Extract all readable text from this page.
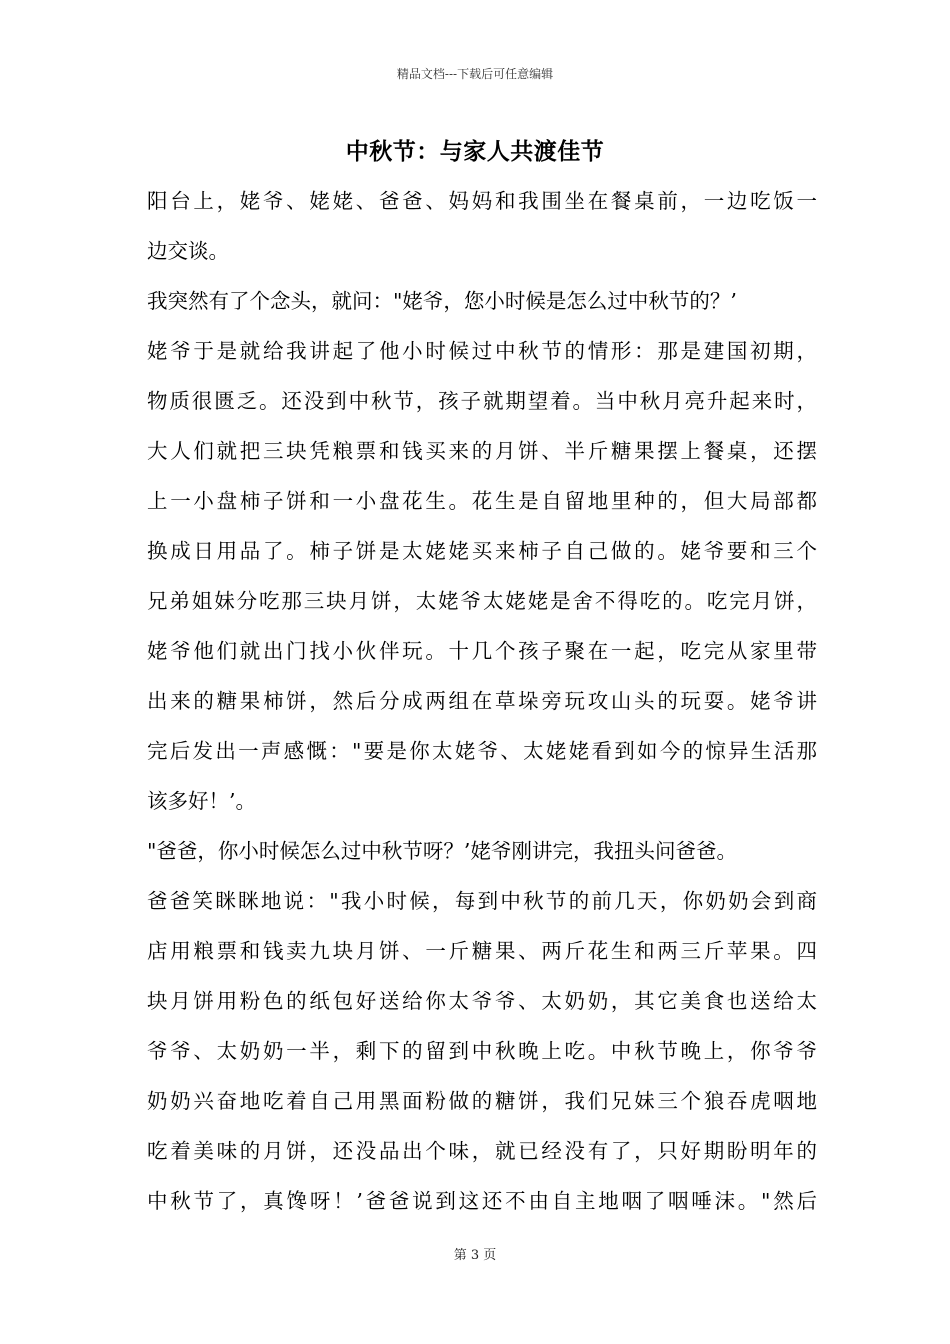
精品文档---下载后可任意编辑
中秋节：与家人共渡佳节
阳台上，姥爷、姥姥、爸爸、妈妈和我围坐在餐桌前，一边吃饭一
边交谈。
我突然有了个念头，就问："姥爷，您小时候是怎么过中秋节的？’
姥爷于是就给我讲起了他小时候过中秋节的情形：那是建国初期，
物质很匮乏。还没到中秋节，孩子就期望着。当中秋月亮升起来时，
大人们就把三块凭粮票和钱买来的月饼、半斤糖果摆上餐桌，还摆
上一小盘柿子饼和一小盘花生。花生是自留地里种的，但大局部都
换成日用品了。柿子饼是太姥姥买来柿子自己做的。姥爷要和三个
兄弟姐妹分吃那三块月饼，太姥爷太姥姥是舍不得吃的。吃完月饼，
姥爷他们就出门找小伙伴玩。十几个孩子聚在一起，吃完从家里带
出来的糖果柿饼，然后分成两组在草垛旁玩攻山头的玩耍。姥爷讲
完后发出一声感慨："要是你太姥爷、太姥姥看到如今的惊异生活那
该多好！’。
"爸爸，你小时候怎么过中秋节呀？’姥爷刚讲完，我扭头问爸爸。
爸爸笑眯眯地说："我小时候，每到中秋节的前几天，你奶奶会到商
店用粮票和钱卖九块月饼、一斤糖果、两斤花生和两三斤苹果。四
块月饼用粉色的纸包好送给你太爷爷、太奶奶，其它美食也送给太
爷爷、太奶奶一半，剩下的留到中秋晚上吃。中秋节晚上，你爷爷
奶奶兴奋地吃着自己用黑面粉做的糖饼，我们兄妹三个狼吞虎咽地
吃着美味的月饼，还没品出个味，就已经没有了，只好期盼明年的
中秋节了，真馋呀！’爸爸说到这还不由自主地咽了咽唾沫。"然后
第 3 页
